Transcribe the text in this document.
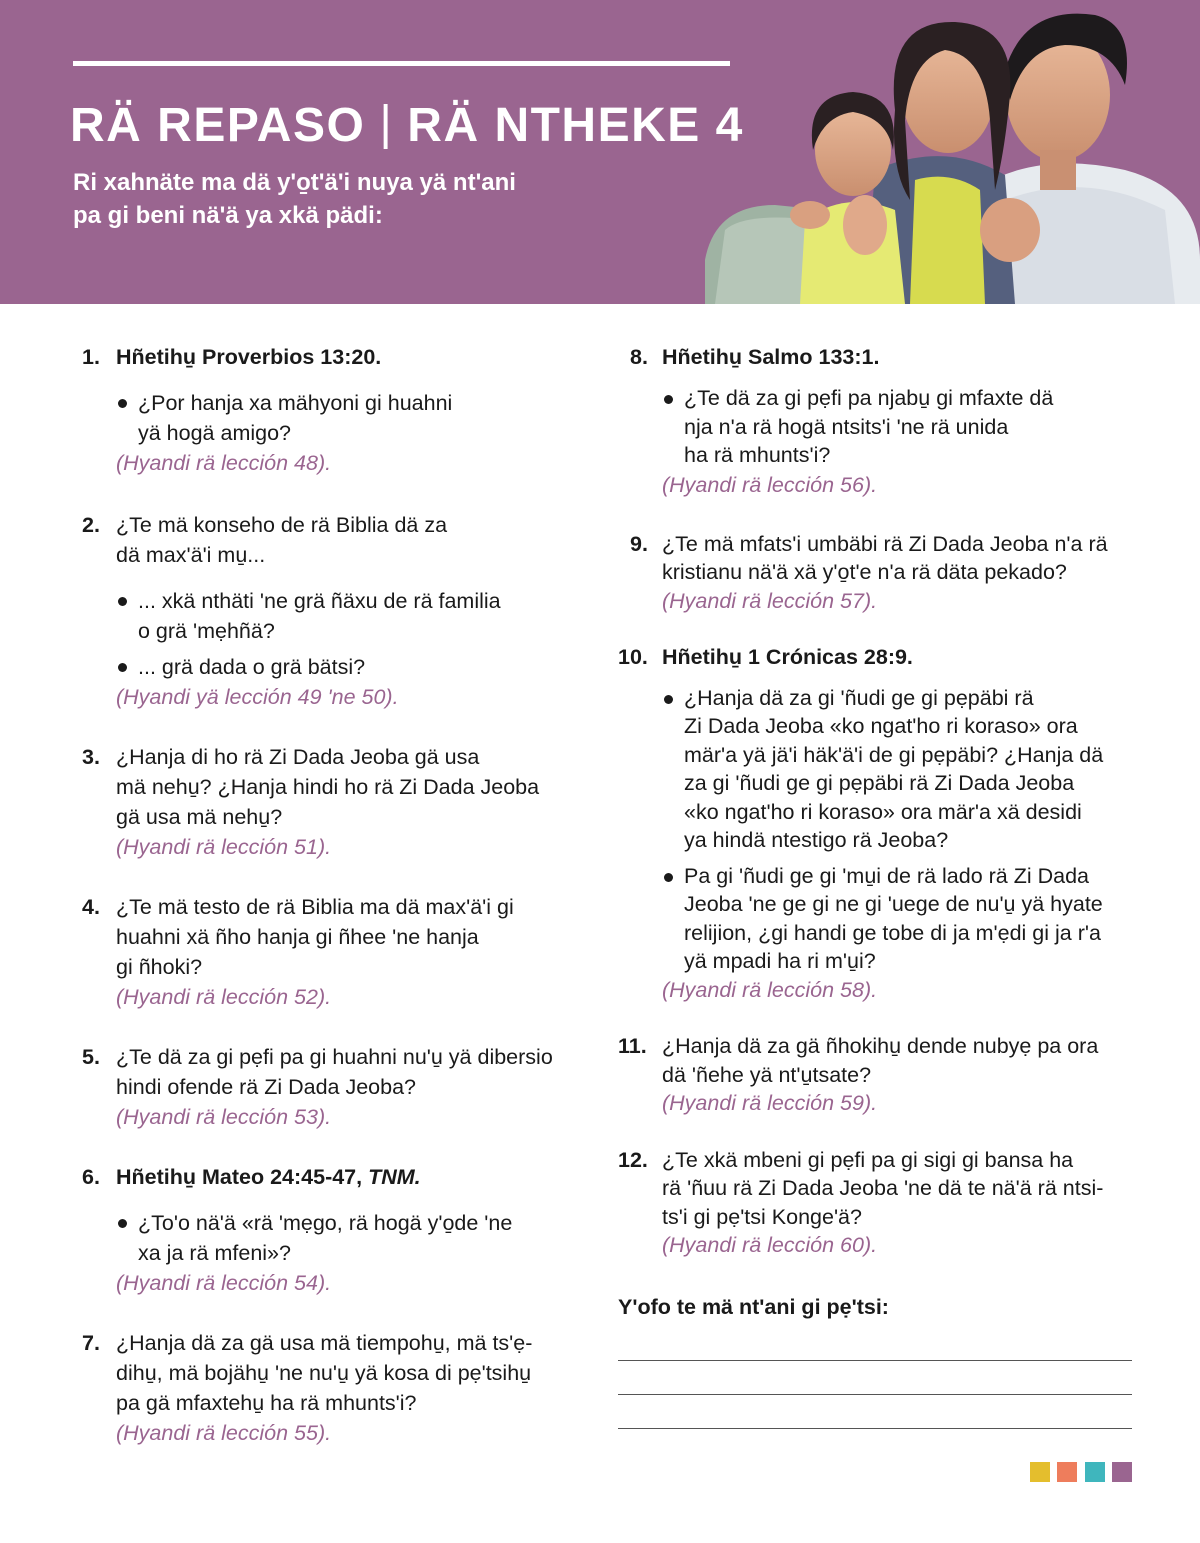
RÄ REPASO | RÄ NTHEKE 4
Ri xahnäte ma dä y'o̱t'ä'i nuya yä nt'ani
pa gi beni nä'ä ya xkä pädi:
1. Hñetihu̱ Proverbios 13:20.
¿Por hanja xa mähyoni gi huahni
yä hogä amigo?
(Hyandi rä lección 48).
2. ¿Te mä konseho de rä Biblia dä za
dä max'ä'i mu̱...
... xkä nthäti 'ne grä ñäxu de rä familia
o grä 'mẹhñä?
... grä dada o grä bätsi?
(Hyandi yä lección 49 'ne 50).
3. ¿Hanja di ho rä Zi Dada Jeoba gä usa
mä nehu̱? ¿Hanja hindi ho rä Zi Dada Jeoba
gä usa mä nehu̱?
(Hyandi rä lección 51).
4. ¿Te mä testo de rä Biblia ma dä max'ä'i gi
huahni xä ñho hanja gi ñhee 'ne hanja
gi ñhoki?
(Hyandi rä lección 52).
5. ¿Te dä za gi pẹfi pa gi huahni nu'u̱ yä dibersio
hindi ofende rä Zi Dada Jeoba?
(Hyandi rä lección 53).
6. Hñetihu̱ Mateo 24:45-47, TNM.
¿To'o nä'ä «rä 'mẹgo, rä hogä y'o̱de 'ne
xa ja rä mfeni»?
(Hyandi rä lección 54).
7. ¿Hanja dä za gä usa mä tiempohu̱, mä ts'ẹ-
dihu̱, mä bojähu̱ 'ne nu'u̱ yä kosa di pẹ'tsihu̱
pa gä mfaxtehu̱ ha rä mhunts'i?
(Hyandi rä lección 55).
8. Hñetihu̱ Salmo 133:1.
¿Te dä za gi pẹfi pa njabu̱ gi mfaxte dä
nja n'a rä hogä ntsits'i 'ne rä unida
ha rä mhunts'i?
(Hyandi rä lección 56).
9. ¿Te mä mfats'i umbäbi rä Zi Dada Jeoba n'a rä
kristianu nä'ä xä y'o̱t'e n'a rä däta pekado?
(Hyandi rä lección 57).
10. Hñetihu̱ 1 Crónicas 28:9.
¿Hanja dä za gi 'ñudi ge gi pẹpäbi rä
Zi Dada Jeoba «ko ngat'ho ri koraso» ora
mär'a yä jä'i häk'ä'i de gi pẹpäbi? ¿Hanja dä
za gi 'ñudi ge gi pẹpäbi rä Zi Dada Jeoba
«ko ngat'ho ri koraso» ora mär'a xä desidi
ya hindä ntestigo rä Jeoba?
Pa gi 'ñudi ge gi 'mu̱i de rä lado rä Zi Dada
Jeoba 'ne ge gi ne gi 'uege de nu'u̱ yä hyate
relijion, ¿gi handi ge tobe di ja m'ẹdi gi ja r'a
yä mpadi ha ri m'u̱i?
(Hyandi rä lección 58).
11. ¿Hanja dä za gä ñhokihu̱ dende nubyẹ pa ora
dä 'ñehe yä nt'u̱tsate?
(Hyandi rä lección 59).
12. ¿Te xkä mbeni gi pẹfi pa gi sigi gi bansa ha
rä 'ñuu rä Zi Dada Jeoba 'ne dä te nä'ä rä ntsi-
ts'i gi pẹ'tsi Konge'ä?
(Hyandi rä lección 60).
Y'ofo te mä nt'ani gi pẹ'tsi:
